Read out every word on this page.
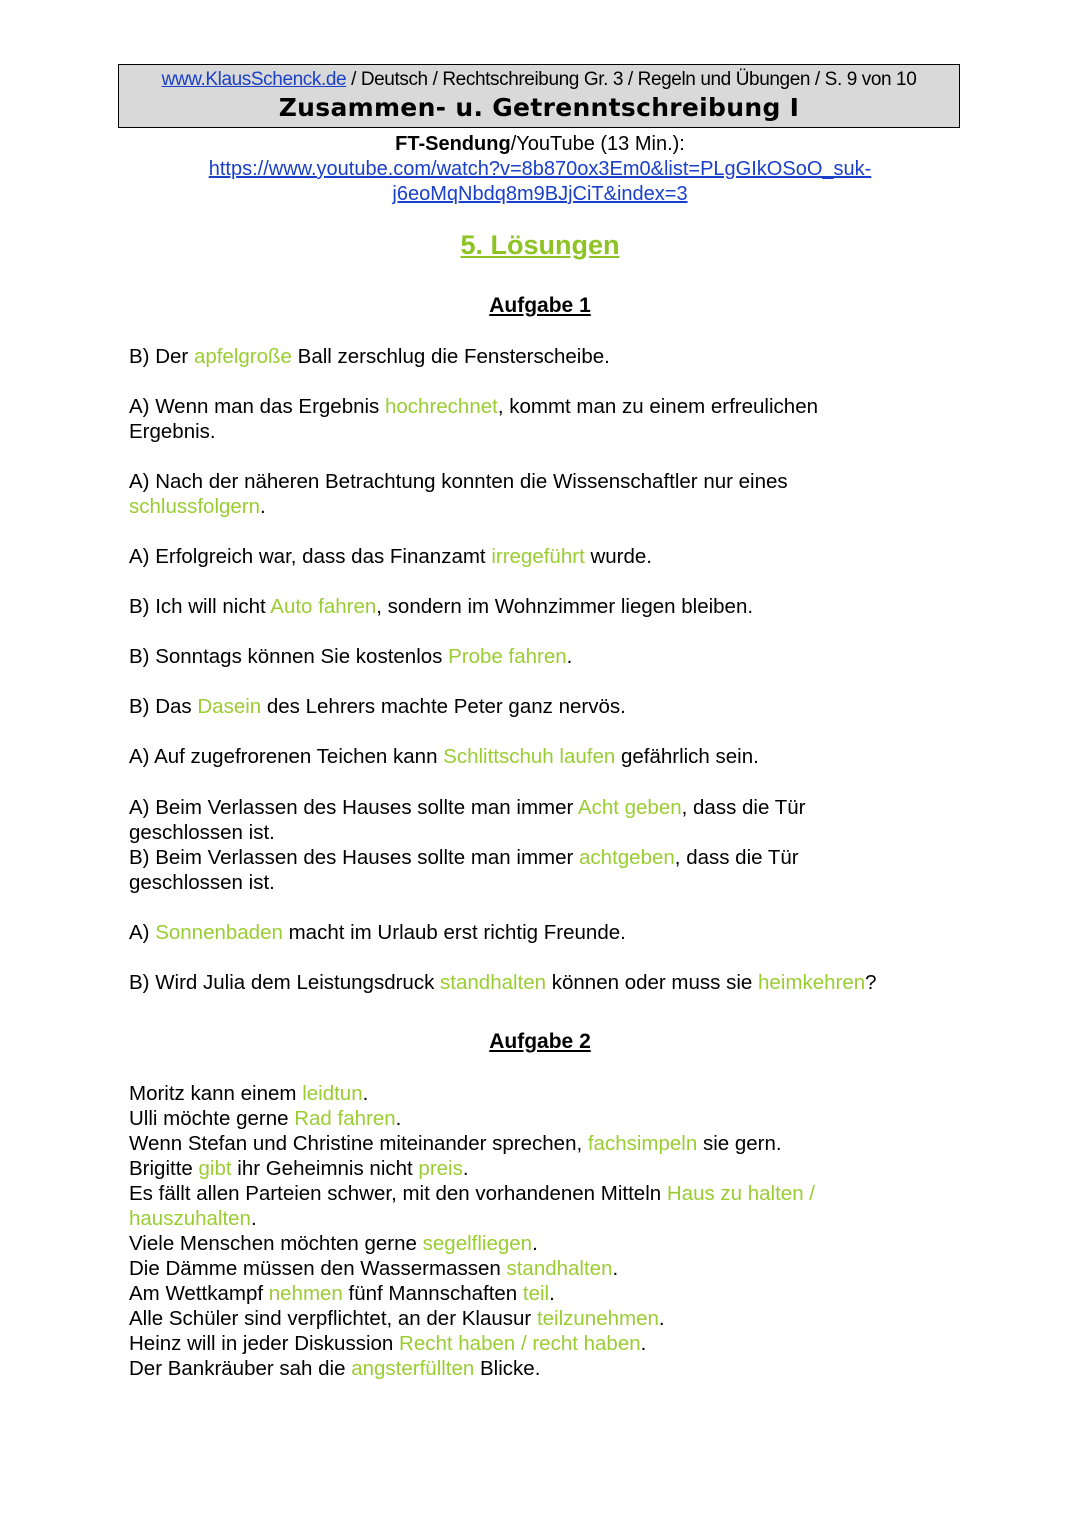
www.KlausSchenck.de / Deutsch / Rechtschreibung Gr. 3 / Regeln und Übungen / S. 9 von 10
Zusammen- u. Getrenntschreibung I
FT-Sendung/YouTube (13 Min.):
https://www.youtube.com/watch?v=8b870ox3Em0&list=PLgGIkOSoO_suk-
j6eoMqNbdq8m9BJjCiT&index=3
5. Lösungen
Aufgabe 1
B) Der apfelgroße Ball zerschlug die Fensterscheibe.
A) Wenn man das Ergebnis hochrechnet, kommt man zu einem erfreulichen
Ergebnis.
A) Nach der näheren Betrachtung konnten die Wissenschaftler nur eines
schlussfolgern.
A) Erfolgreich war, dass das Finanzamt irregeführt wurde.
B) Ich will nicht Auto fahren, sondern im Wohnzimmer liegen bleiben.
B) Sonntags können Sie kostenlos Probe fahren.
B) Das Dasein des Lehrers machte Peter ganz nervös.
A) Auf zugefrorenen Teichen kann Schlittschuh laufen gefährlich sein.
A) Beim Verlassen des Hauses sollte man immer Acht geben, dass die Tür
geschlossen ist.
B) Beim Verlassen des Hauses sollte man immer achtgeben, dass die Tür
geschlossen ist.
A) Sonnenbaden macht im Urlaub erst richtig Freunde.
B) Wird Julia dem Leistungsdruck standhalten können oder muss sie heimkehren?
Aufgabe 2
Moritz kann einem leidtun.
Ulli möchte gerne Rad fahren.
Wenn Stefan und Christine miteinander sprechen, fachsimpeln sie gern.
Brigitte gibt ihr Geheimnis nicht preis.
Es fällt allen Parteien schwer, mit den vorhandenen Mitteln Haus zu halten /
hauszuhalten.
Viele Menschen möchten gerne segelfliegen.
Die Dämme müssen den Wassermassen standhalten.
Am Wettkampf nehmen fünf Mannschaften teil.
Alle Schüler sind verpflichtet, an der Klausur teilzunehmen.
Heinz will in jeder Diskussion Recht haben / recht haben.
Der Bankräuber sah die angsterfüllten Blicke.
